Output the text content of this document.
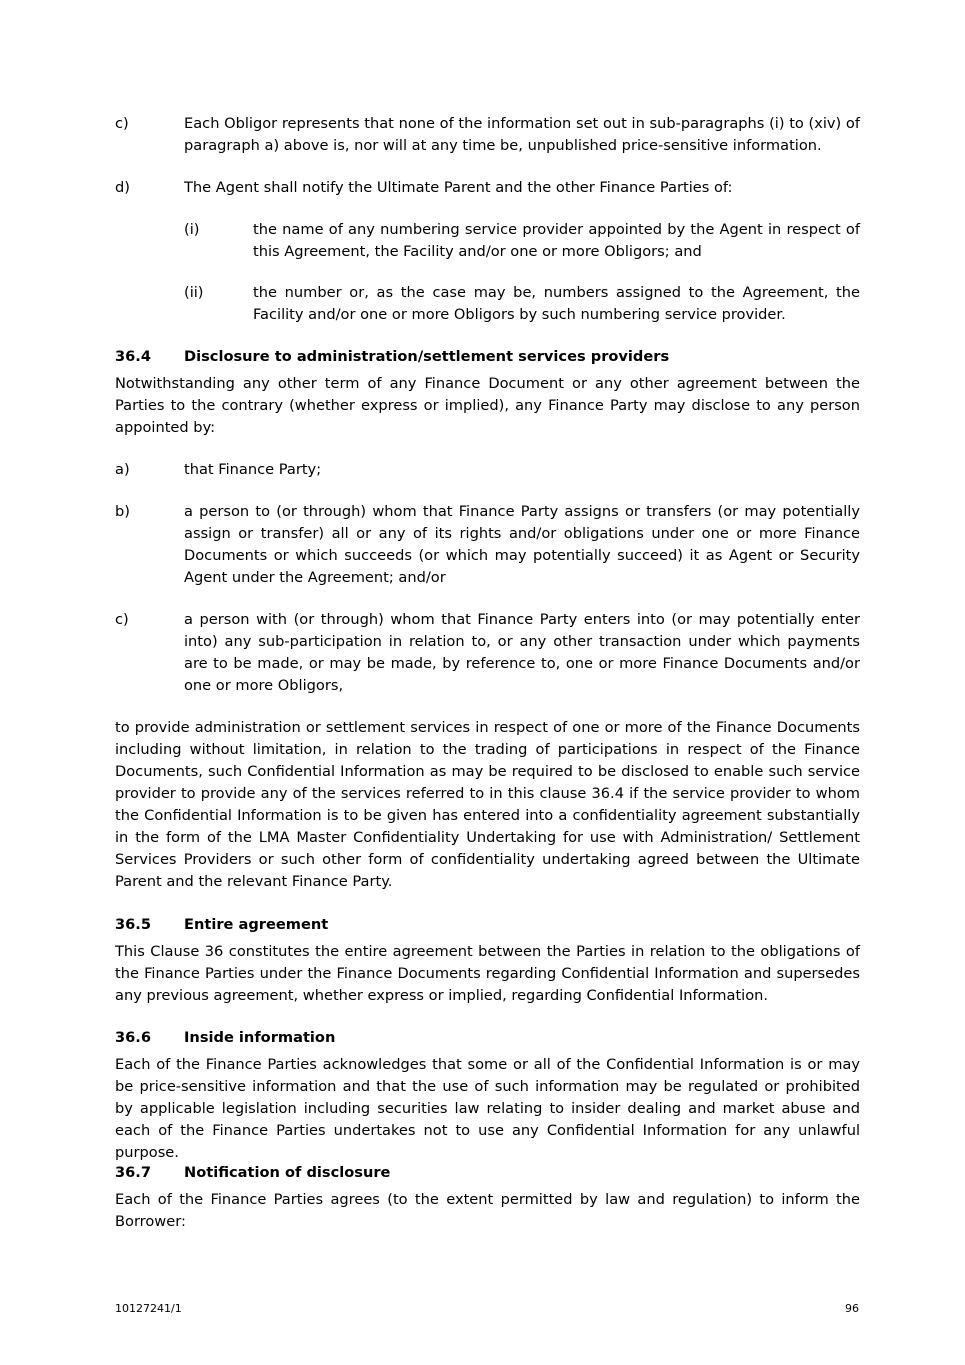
c)	Each Obligor represents that none of the information set out in sub-paragraphs (i) to (xiv) of paragraph a) above is, nor will at any time be, unpublished price-sensitive information.
d)	The Agent shall notify the Ultimate Parent and the other Finance Parties of:
(i)	the name of any numbering service provider appointed by the Agent in respect of this Agreement, the Facility and/or one or more Obligors; and
(ii)	the number or, as the case may be, numbers assigned to the Agreement, the Facility and/or one or more Obligors by such numbering service provider.
36.4 Disclosure to administration/settlement services providers
Notwithstanding any other term of any Finance Document or any other agreement between the Parties to the contrary (whether express or implied), any Finance Party may disclose to any person appointed by:
a)	that Finance Party;
b)	a person to (or through) whom that Finance Party assigns or transfers (or may potentially assign or transfer) all or any of its rights and/or obligations under one or more Finance Documents or which succeeds (or which may potentially succeed) it as Agent or Security Agent under the Agreement; and/or
c)	a person with (or through) whom that Finance Party enters into (or may potentially enter into) any sub-participation in relation to, or any other transaction under which payments are to be made, or may be made, by reference to, one or more Finance Documents and/or one or more Obligors,
to provide administration or settlement services in respect of one or more of the Finance Documents including without limitation, in relation to the trading of participations in respect of the Finance Documents, such Confidential Information as may be required to be disclosed to enable such service provider to provide any of the services referred to in this clause 36.4 if the service provider to whom the Confidential Information is to be given has entered into a confidentiality agreement substantially in the form of the LMA Master Confidentiality Undertaking for use with Administration/ Settlement Services Providers or such other form of confidentiality undertaking agreed between the Ultimate Parent and the relevant Finance Party.
36.5 Entire agreement
This Clause 36 constitutes the entire agreement between the Parties in relation to the obligations of the Finance Parties under the Finance Documents regarding Confidential Information and supersedes any previous agreement, whether express or implied, regarding Confidential Information.
36.6 Inside information
Each of the Finance Parties acknowledges that some or all of the Confidential Information is or may be price-sensitive information and that the use of such information may be regulated or prohibited by applicable legislation including securities law relating to insider dealing and market abuse and each of the Finance Parties undertakes not to use any Confidential Information for any unlawful purpose.
36.7 Notification of disclosure
Each of the Finance Parties agrees (to the extent permitted by law and regulation) to inform the Borrower:
10127241/1	96
